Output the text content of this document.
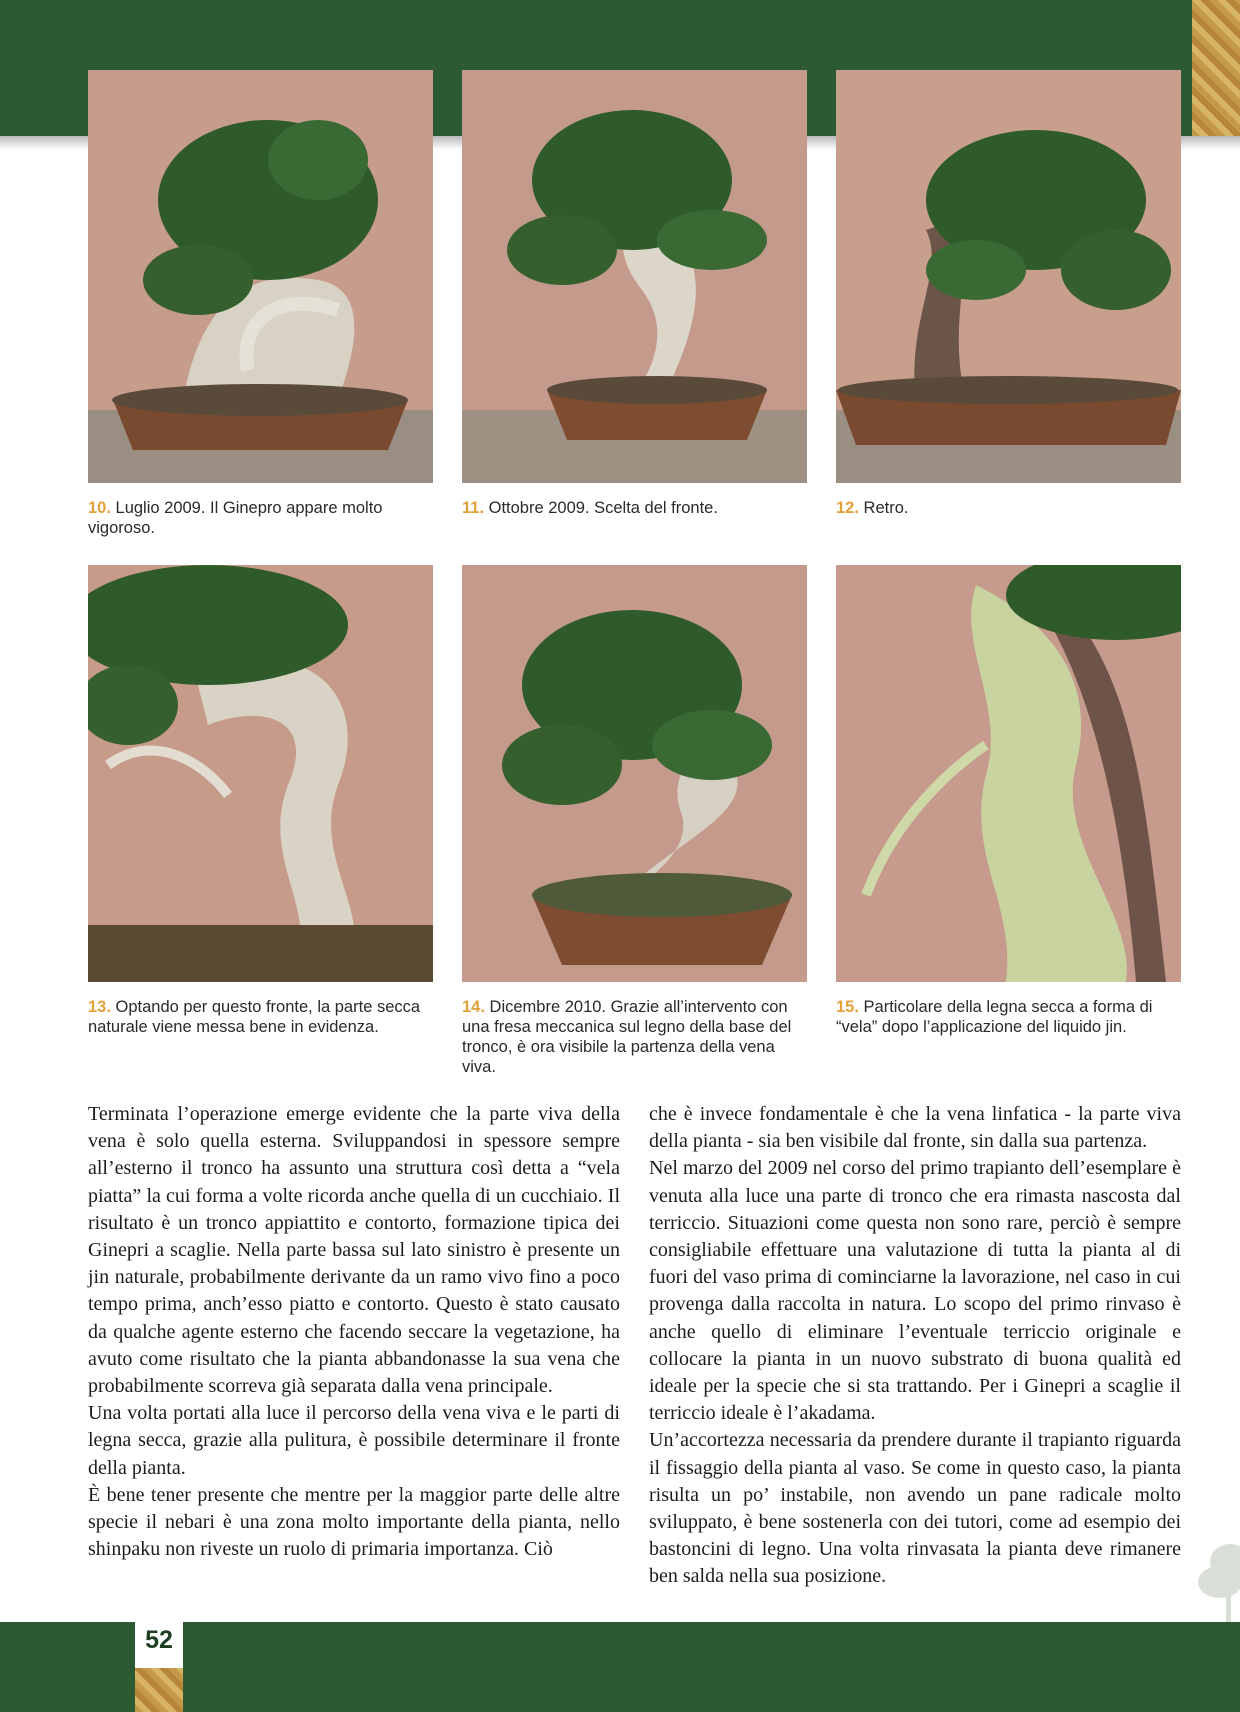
10. Luglio 2009. Il Ginepro appare molto vigoroso.
11. Ottobre 2009. Scelta del fronte.	12. Retro.
13. Optando per questo fronte, la parte secca naturale viene messa bene in evidenza.
14. Dicembre 2010. Grazie all’intervento con una fresa meccanica sul legno della base del tronco, è ora visibile la partenza della vena viva.
15. Particolare della legna secca a forma di “vela” dopo l’applicazione del liquido jin.

Terminata l’operazione emerge evidente che la parte viva della vena è solo quella esterna. Sviluppandosi in spessore sempre all’esterno il tronco ha assunto una struttura così detta a “vela piatta” la cui forma a volte ricorda anche quella di un cucchiaio. Il risultato è un tronco appiattito e contorto, formazione tipica dei Ginepri a scaglie. Nella parte bassa sul lato sinistro è presente un jin naturale, probabilmente derivante da un ramo vivo fino a poco tempo prima, anch’esso piatto e contorto. Questo è stato causato da qualche agente esterno che facendo seccare la vegetazione, ha avuto come risultato che la pianta abbandonasse la sua vena che probabilmente scorreva già separata dalla vena principale.

Una volta portati alla luce il percorso della vena viva e le parti di legna secca, grazie alla pulitura, è possibile determinare il fronte della pianta.

È bene tener presente che mentre per la maggior parte delle altre specie il nebari è una zona molto importante della pianta, nello shinpaku non riveste un ruolo di primaria importanza. Ciò

che è invece fondamentale è che la vena linfatica - la parte viva della pianta - sia ben visibile dal fronte, sin dalla sua partenza.

Nel marzo del 2009 nel corso del primo trapianto dell’esemplare è venuta alla luce una parte di tronco che era rimasta nascosta dal terriccio. Situazioni come questa non sono rare, perciò è sempre consigliabile effettuare una valutazione di tutta la pianta al di fuori del vaso prima di cominciarne la lavorazione, nel caso in cui provenga dalla raccolta in natura. Lo scopo del primo rinvaso è anche quello di eliminare l’eventuale terriccio originale e collocare la pianta in un nuovo substrato di buona qualità ed ideale per la specie che si sta trattando. Per i Ginepri a scaglie il terriccio ideale è l’akadama.

Un’accortezza necessaria da prendere durante il trapianto riguarda il fissaggio della pianta al vaso. Se come in questo caso, la pianta risulta un po’ instabile, non avendo un pane radicale molto sviluppato, è bene sostenerla con dei tutori, come ad esempio dei bastoncini di legno. Una volta rinvasata la pianta deve rimanere ben salda nella sua posizione.

52
